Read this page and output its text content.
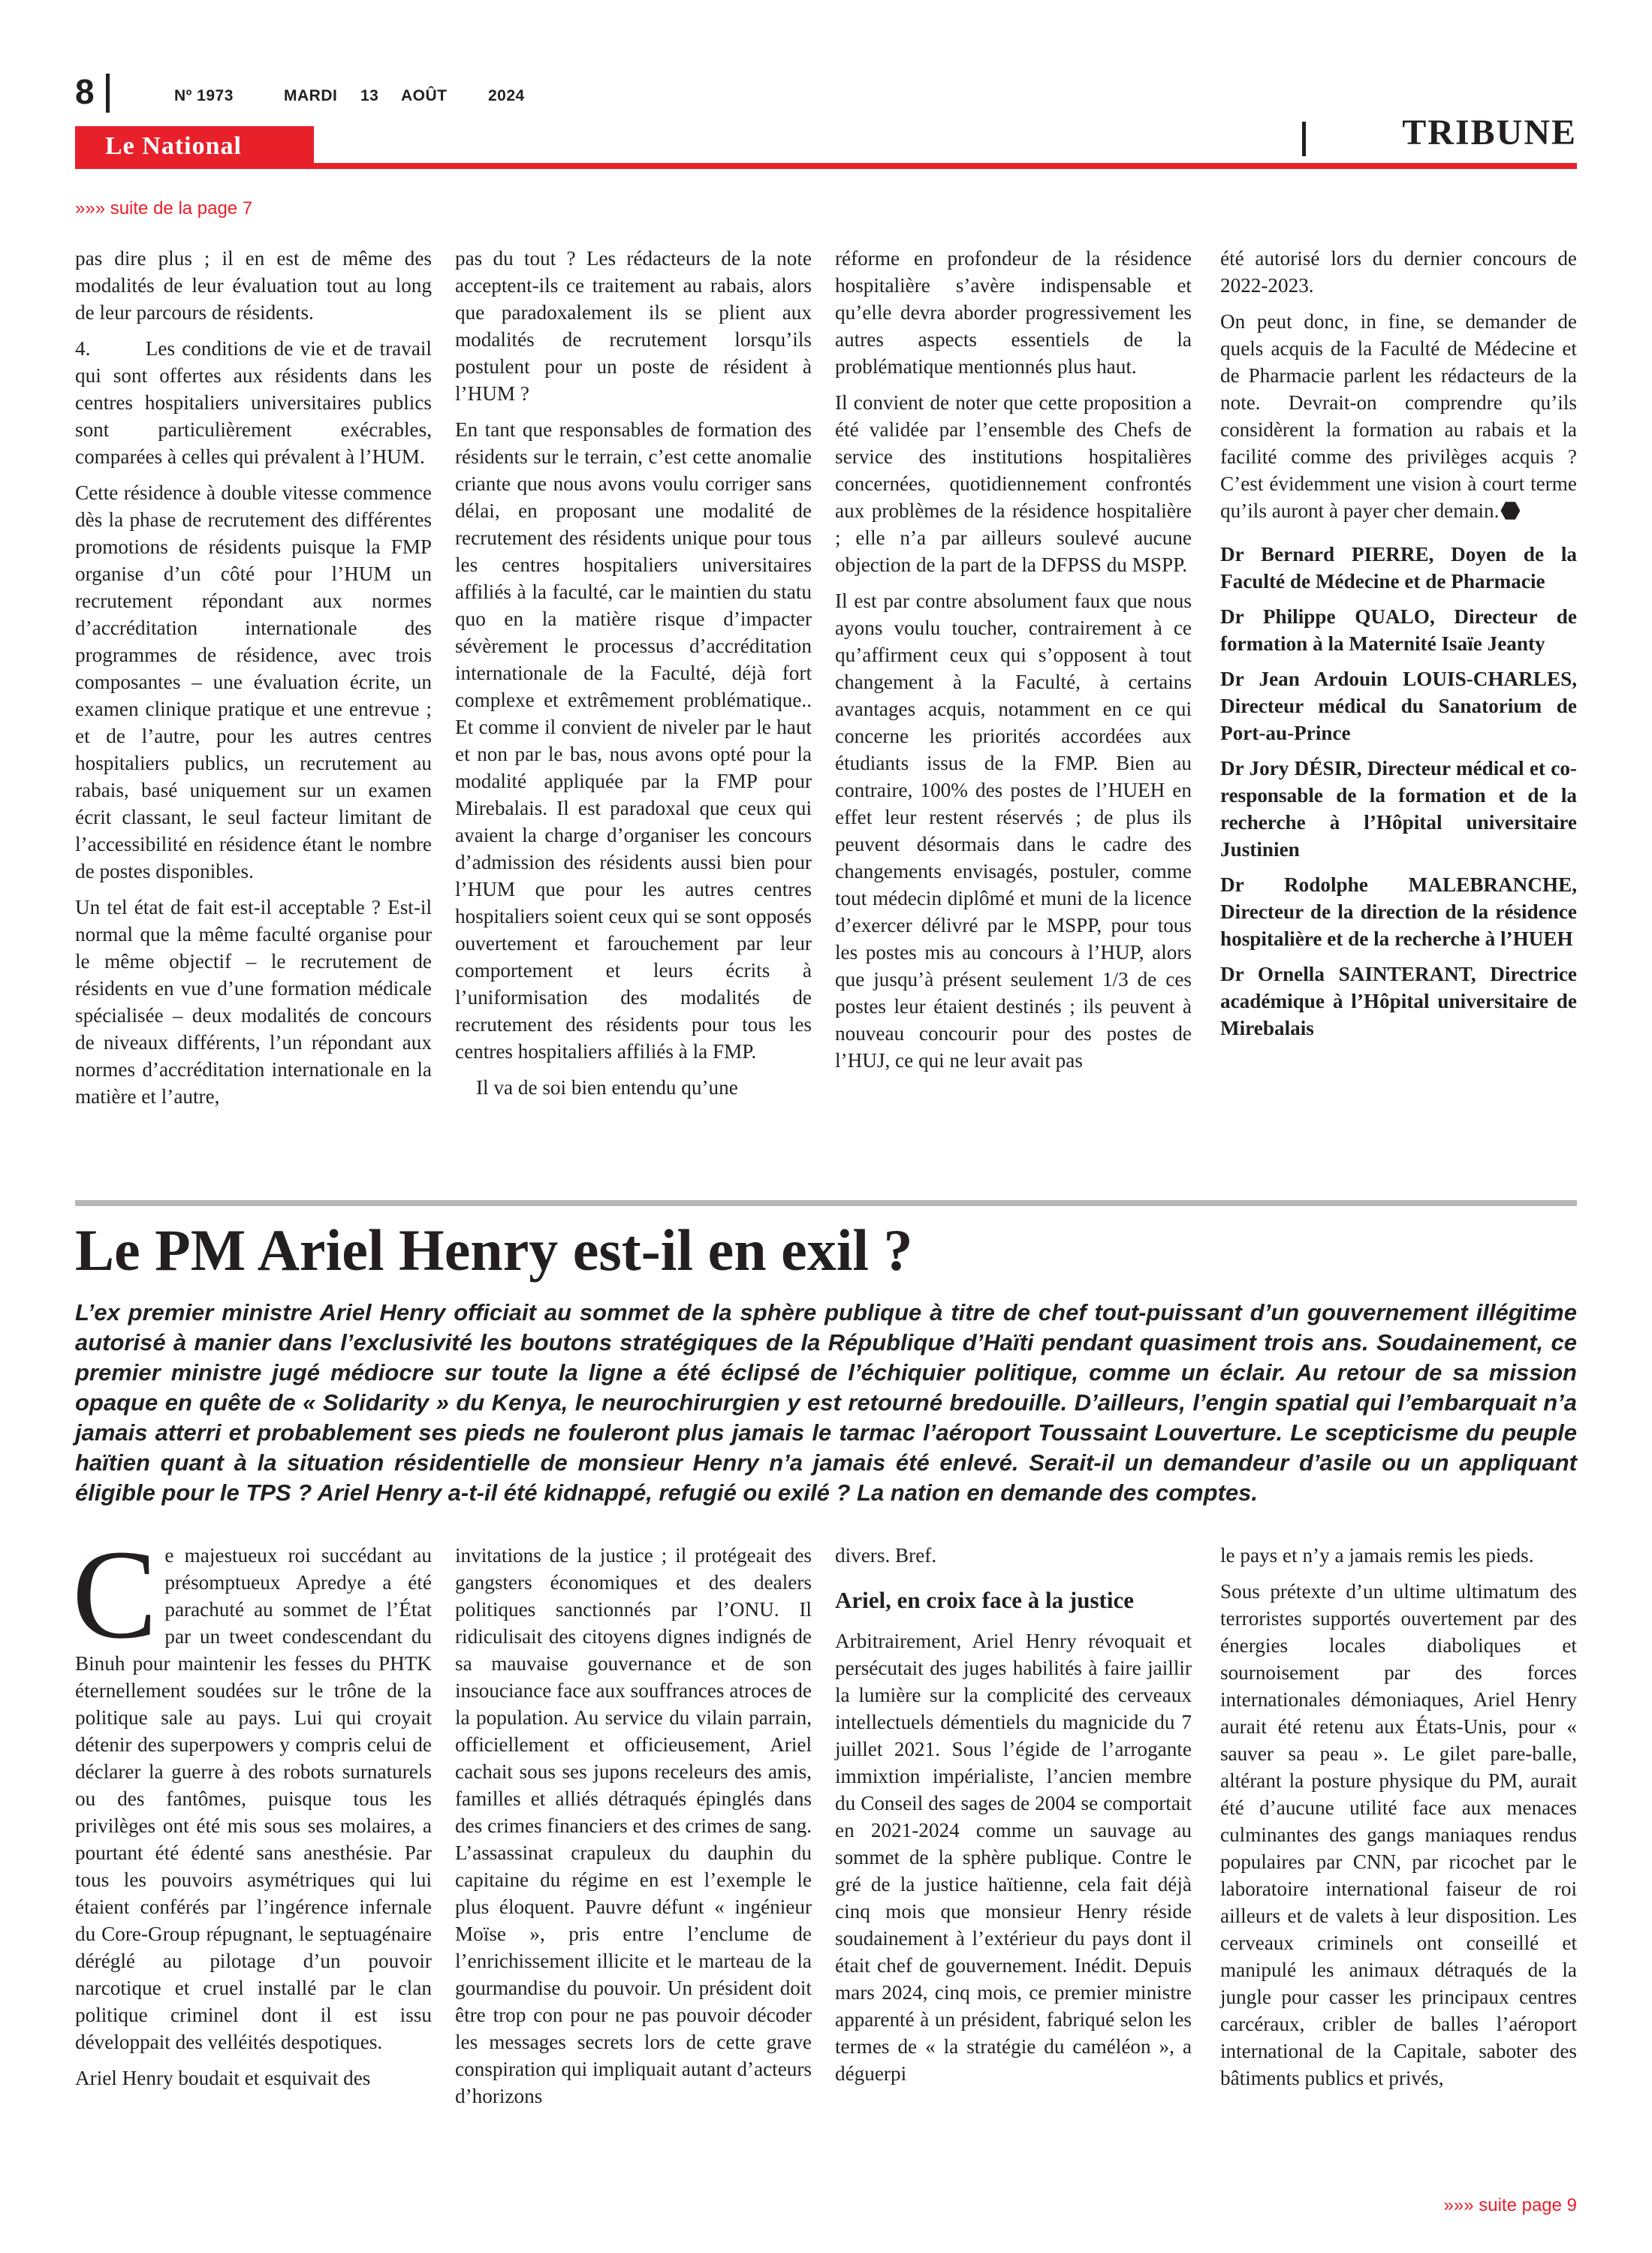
8	Nº 1973	MARDI 13 AOÛT	2024
Le National	TRIBUNE
»»» suite de la page 7

pas dire plus ; il en est de même des modalités de leur évaluation tout au long de leur parcours de résidents.

4.        Les conditions de vie et de travail qui sont offertes aux résidents dans les centres hospitaliers universitaires publics sont particulièrement exécrables, comparées à celles qui prévalent à l’HUM.

Cette résidence à double vitesse commence dès la phase de recrutement des différentes promotions de résidents puisque la FMP organise d’un côté pour l’HUM un recrutement répondant aux normes d’accréditation internationale des programmes de résidence, avec trois composantes – une évaluation écrite, un examen clinique pratique et une entrevue ; et de l’autre, pour les autres centres hospitaliers publics, un recrutement au rabais, basé uniquement sur un examen écrit classant, le seul facteur limitant de l’accessibilité en résidence étant le nombre de postes disponibles.

Un tel état de fait est-il acceptable ? Est-il normal que la même faculté organise pour le même objectif – le recrutement de résidents en vue d’une formation médicale spécialisée – deux modalités de concours de niveaux différents, l’un répondant aux normes d’accréditation internationale en la matière et l’autre,

pas du tout ? Les rédacteurs de la note acceptent-ils ce traitement au rabais, alors que paradoxalement ils se plient aux modalités de recrutement lorsqu’ils postulent pour un poste de résident à l’HUM ?

En tant que responsables de formation des résidents sur le terrain, c’est cette anomalie criante que nous avons voulu corriger sans délai, en proposant une modalité de recrutement des résidents unique pour tous les centres hospitaliers universitaires affiliés à la faculté, car le maintien du statu quo en la matière risque d’impacter sévèrement le processus d’accréditation internationale de la Faculté, déjà fort complexe et extrêmement problématique.. Et comme il convient de niveler par le haut et non par le bas, nous avons opté pour la modalité appliquée par la FMP pour Mirebalais. Il est paradoxal que ceux qui avaient la charge d’organiser les concours d’admission des résidents aussi bien pour l’HUM que pour les autres centres hospitaliers soient ceux qui se sont opposés ouvertement et farouchement par leur comportement et leurs écrits à l’uniformisation des modalités de recrutement des résidents pour tous les centres hospitaliers affiliés à la FMP.

Il va de soi bien entendu qu’une

réforme en profondeur de la résidence hospitalière s’avère indispensable et qu’elle devra aborder progressivement les autres aspects essentiels de la problématique mentionnés plus haut.

Il convient de noter que cette proposition a été validée par l’ensemble des Chefs de service des institutions hospitalières concernées, quotidiennement confrontés aux problèmes de la résidence hospitalière ; elle n’a par ailleurs soulevé aucune objection de la part de la DFPSS du MSPP.

Il est par contre absolument faux que nous ayons voulu toucher, contrairement à ce qu’affirment ceux qui s’opposent à tout changement à la Faculté, à certains avantages acquis, notamment en ce qui concerne les priorités accordées aux étudiants issus de la FMP. Bien au contraire, 100% des postes de l’HUEH en effet leur restent réservés ; de plus ils peuvent désormais dans le cadre des changements envisagés, postuler, comme tout médecin diplômé et muni de la licence d’exercer délivré par le MSPP, pour tous les postes mis au concours à l’HUP, alors que jusqu’à présent seulement 1/3 de ces postes leur étaient destinés ; ils peuvent à nouveau concourir pour des postes de l’HUJ, ce qui ne leur avait pas

été autorisé lors du dernier concours de 2022-2023.

On peut donc, in fine, se demander de quels acquis de la Faculté de Médecine et de Pharmacie parlent les rédacteurs de la note. Devrait-on comprendre qu’ils considèrent la formation au rabais et la facilité comme des privilèges acquis ? C’est évidemment une vision à court terme qu’ils auront à payer cher demain.

Dr Bernard PIERRE, Doyen de la Faculté de Médecine et de Pharmacie

Dr Philippe QUALO, Directeur de formation à la Maternité Isaïe Jeanty

Dr Jean Ardouin LOUIS-CHARLES, Directeur médical du Sanatorium de Port-au-Prince

Dr Jory DÉSIR, Directeur médical et co-responsable de la formation et de la recherche à l’Hôpital universitaire Justinien

Dr Rodolphe MALEBRANCHE, Directeur de la direction de la résidence hospitalière et de la recherche à l’HUEH

Dr Ornella SAINTERANT, Directrice académique à l’Hôpital universitaire de Mirebalais

Le PM Ariel Henry est-il en exil ?
L’ex premier ministre Ariel Henry officiait au sommet de la sphère publique à titre de chef tout-puissant d’un gouvernement illégitime autorisé à manier dans l’exclusivité les boutons stratégiques de la République d’Haïti pendant quasiment trois ans. Soudainement, ce premier ministre jugé médiocre sur toute la ligne a été éclipsé de l’échiquier politique, comme un éclair. Au retour de sa mission opaque en quête de « Solidarity » du Kenya, le neurochirurgien y est retourné bredouille. D’ailleurs, l’engin spatial qui l’embarquait n’a jamais atterri et probablement ses pieds ne fouleront plus jamais le tarmac l’aéroport Toussaint Louverture. Le scepticisme du peuple haïtien quant à la situation résidentielle de monsieur Henry n’a jamais été enlevé. Serait-il un demandeur d’asile ou un appliquant éligible pour le TPS ? Ariel Henry a-t-il été kidnappé, refugié ou exilé ? La nation en demande des comptes.

Ce majestueux roi succédant au présomptueux Apredye a été parachuté au sommet de l’État par un tweet condescendant du Binuh pour maintenir les fesses du PHTK éternellement soudées sur le trône de la politique sale au pays. Lui qui croyait détenir des superpowers y compris celui de déclarer la guerre à des robots surnaturels ou des fantômes, puisque tous les privilèges ont été mis sous ses molaires, a pourtant été édenté sans anesthésie. Par tous les pouvoirs asymétriques qui lui étaient conférés par l’ingérence infernale du Core-Group répugnant, le septuagénaire déréglé au pilotage d’un pouvoir narcotique et cruel installé par le clan politique criminel dont il est issu développait des velléités despotiques.

Ariel Henry boudait et esquivait des

invitations de la justice ; il protégeait des gangsters économiques et des dealers politiques sanctionnés par l’ONU. Il ridiculisait des citoyens dignes indignés de sa mauvaise gouvernance et de son insouciance face aux souffrances atroces de la population. Au service du vilain parrain, officiellement et officieusement, Ariel cachait sous ses jupons receleurs des amis, familles et alliés détraqués épinglés dans des crimes financiers et des crimes de sang. L’assassinat crapuleux du dauphin du capitaine du régime en est l’exemple le plus éloquent. Pauvre défunt « ingénieur Moïse », pris entre l’enclume de l’enrichissement illicite et le marteau de la gourmandise du pouvoir. Un président doit être trop con pour ne pas pouvoir décoder les messages secrets lors de cette grave conspiration qui impliquait autant d’acteurs d’horizons

divers. Bref.

Ariel, en croix face à la justice

Arbitrairement, Ariel Henry révoquait et persécutait des juges habilités à faire jaillir la lumière sur la complicité des cerveaux intellectuels démentiels du magnicide du 7 juillet 2021. Sous l’égide de l’arrogante immixtion impérialiste, l’ancien membre du Conseil des sages de 2004 se comportait en 2021-2024 comme un sauvage au sommet de la sphère publique. Contre le gré de la justice haïtienne, cela fait déjà cinq mois que monsieur Henry réside soudainement à l’extérieur du pays dont il était chef de gouvernement. Inédit. Depuis mars 2024, cinq mois, ce premier ministre apparenté à un président, fabriqué selon les termes de « la stratégie du caméléon », a déguerpi

le pays et n’y a jamais remis les pieds.

Sous prétexte d’un ultime ultimatum des terroristes supportés ouvertement par des énergies locales diaboliques et sournoisement par des forces internationales démoniaques, Ariel Henry aurait été retenu aux États-Unis, pour « sauver sa peau ». Le gilet pare-balle, altérant la posture physique du PM, aurait été d’aucune utilité face aux menaces culminantes des gangs maniaques rendus populaires par CNN, par ricochet par le laboratoire international faiseur de roi ailleurs et de valets à leur disposition. Les cerveaux criminels ont conseillé et manipulé les animaux détraqués de la jungle pour casser les principaux centres carcéraux, cribler de balles l’aéroport international de la Capitale, saboter des bâtiments publics et privés,

»»» suite page 9
